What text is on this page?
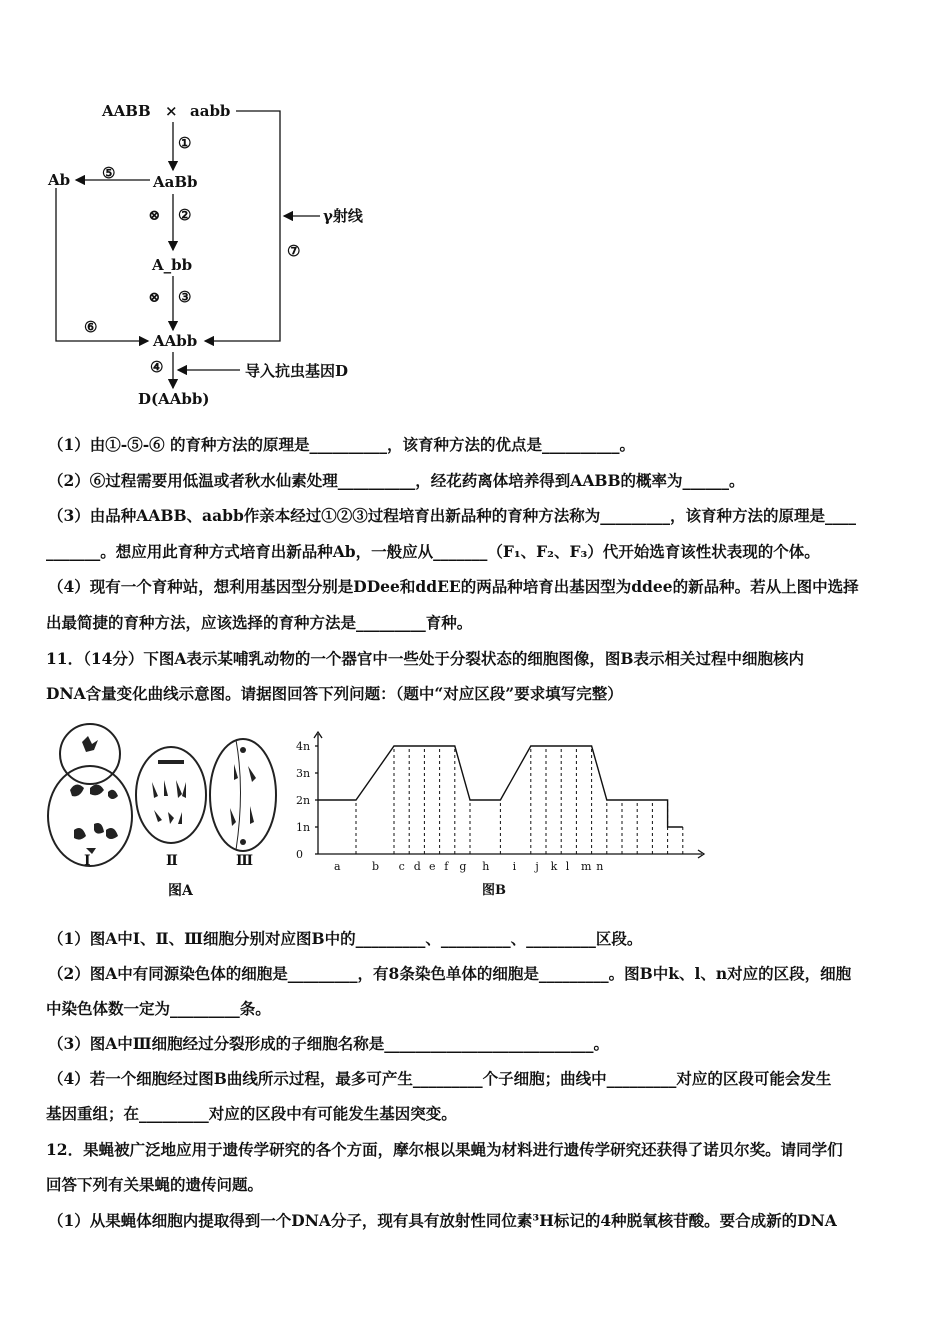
AABB × aabb
①
⑤
Ab	AaBb
⊗ ②	γ射线
⑦
A_bb
⊗ ③
⑥
AAbb
④	导入抗虫基因D
D(AAbb)
（1）由①-⑤-⑥ 的育种方法的原理是__________，该育种方法的优点是__________。
（2）⑥过程需要用低温或者秋水仙素处理__________，经花药离体培养得到AABB的概率为______。
（3）由品种AABB、aabb作亲本经过①②③过程培育出新品种的育种方法称为_________，该育种方法的原理是____
_______。想应用此育种方式培育出新品种Ab，一般应从_______（F₁、F₂、F₃）代开始选育该性状表现的个体。
（4）现有一个育种站，想利用基因型分别是DDee和ddEE的两品种培育出基因型为ddee的新品种。若从上图中选择
出最简捷的育种方法，应该选择的育种方法是_________育种。
11．（14分）下图A表示某哺乳动物的一个器官中一些处于分裂状态的细胞图像，图B表示相关过程中细胞核内
DNA含量变化曲线示意图。请据图回答下列问题：（题中“对应区段”要求填写完整）
Ⅰ	Ⅱ	Ⅲ
图A
0
1n
2n
3n
4n
a	b c d e f g h i j k l m n
图B
（1）图A中Ⅰ、Ⅱ、Ⅲ细胞分别对应图B中的_________、_________、_________区段。
（2）图A中有同源染色体的细胞是_________，有8条染色单体的细胞是_________。图B中k、l、n对应的区段，细胞
中染色体数一定为_________条。
（3）图A中Ⅲ细胞经过分裂形成的子细胞名称是___________________________。
（4）若一个细胞经过图B曲线所示过程，最多可产生_________个子细胞；曲线中_________对应的区段可能会发生
基因重组；在_________对应的区段中有可能发生基因突变。
12．果蝇被广泛地应用于遗传学研究的各个方面，摩尔根以果蝇为材料进行遗传学研究还获得了诺贝尔奖。请同学们
回答下列有关果蝇的遗传问题。
（1）从果蝇体细胞内提取得到一个DNA分子，现有具有放射性同位素³H标记的4种脱氧核苷酸。要合成新的DNA
